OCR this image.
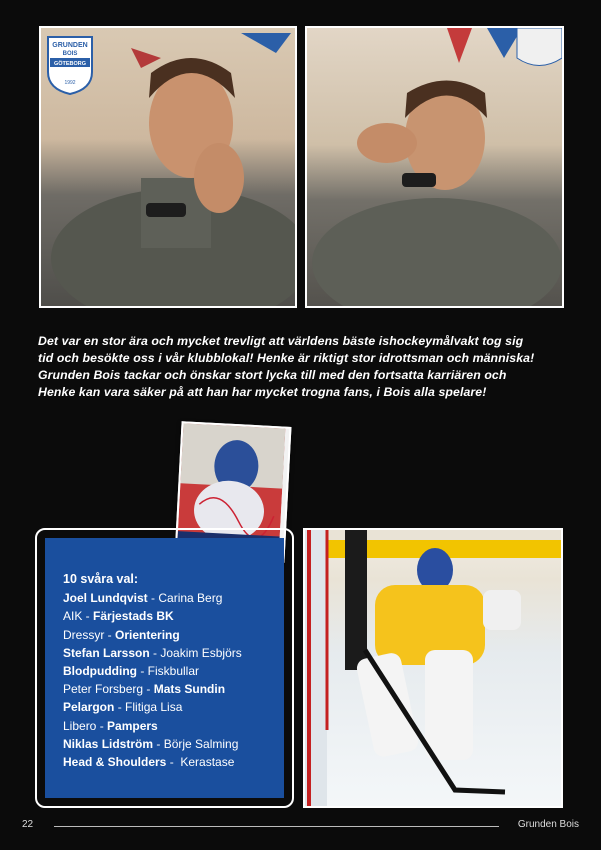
GRUNDEN
BOIS
GÖTEBORG
1992

Det var en stor ära och mycket trevligt att världens bäste ishockeymålvakt tog sig

tid och besökte oss i vår klubblokal! Henke är riktigt stor idrottsman och människa!

Grunden Bois tackar och önskar stort lycka till med den fortsatta karriären och

Henke kan vara säker på att han har mycket trogna fans, i Bois alla spelare!

10 svåra val:
Joel Lundqvist - Carina Berg
AIK - Färjestads BK
Dressyr - Orientering
Stefan Larsson - Joakim Esbjörs
Blodpudding - Fiskbullar
Peter Forsberg - Mats Sundin
Pelargon - Flitiga Lisa
Libero - Pampers
Niklas Lidström - Börje Salming
Head & Shoulders -  Kerastase
22	Grunden Bois
